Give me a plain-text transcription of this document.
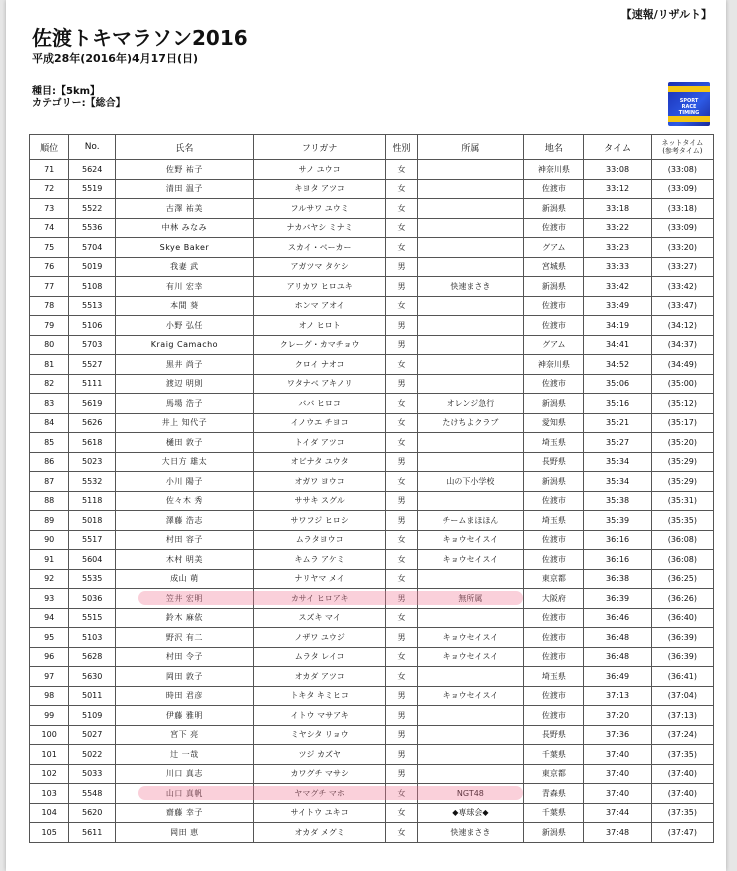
【速報/リザルト】
佐渡トキマラソン2016
平成28年(2016年)4月17日(日)
種目:【5km】
カテゴリー:【総合】	SPORT RACE TIMING
順位	No.	氏名	フリガナ	性別	所属	地名	タイム	ネットタイム
(参考タイム)
71	5624	佐野 祐子	サノ ユウコ	女		神奈川県	33:08	(33:08)
72	5519	清田 温子	キヨタ アツコ	女		佐渡市	33:12	(33:09)
73	5522	古澤 祐美	フルサワ ユウミ	女		新潟県	33:18	(33:18)
74	5536	中林 みなみ	ナカバヤシ ミナミ	女		佐渡市	33:22	(33:09)
75	5704	Skye Baker	スカイ・ベーカー	女		グアム	33:23	(33:20)
76	5019	我妻 武	アガツマ タケシ	男		宮城県	33:33	(33:27)
77	5108	有川 宏幸	アリカワ ヒロユキ	男	快速まさき	新潟県	33:42	(33:42)
78	5513	本間 葵	ホンマ アオイ	女		佐渡市	33:49	(33:47)
79	5106	小野 弘任	オノ ヒロト	男		佐渡市	34:19	(34:12)
80	5703	Kraig Camacho	クレーグ・カマチョウ	男		グアム	34:41	(34:37)
81	5527	黒井 尚子	クロイ ナオコ	女		神奈川県	34:52	(34:49)
82	5111	渡辺 明則	ワタナベ アキノリ	男		佐渡市	35:06	(35:00)
83	5619	馬場 浩子	ババ ヒロコ	女	オレンジ急行	新潟県	35:16	(35:12)
84	5626	井上 知代子	イノウエ チヨコ	女	たけちよクラブ	愛知県	35:21	(35:17)
85	5618	樋田 敦子	トイダ アツコ	女		埼玉県	35:27	(35:20)
86	5023	大日方 雄太	オビナタ ユウタ	男		長野県	35:34	(35:29)
87	5532	小川 陽子	オガワ ヨウコ	女	山の下小学校	新潟県	35:34	(35:29)
88	5118	佐々木 秀	ササキ スグル	男		佐渡市	35:38	(35:31)
89	5018	澤藤 浩志	サワフジ ヒロシ	男	チームまほほん	埼玉県	35:39	(35:35)
90	5517	村田 容子	ムラタヨウコ	女	キョウセイスイ	佐渡市	36:16	(36:08)
91	5604	木村 明美	キムラ アケミ	女	キョウセイスイ	佐渡市	36:16	(36:08)
92	5535	成山 萌	ナリヤマ メイ	女		東京都	36:38	(36:25)
93	5036	笠井 宏明	カサイ ヒロアキ	男	無所属	大阪府	36:39	(36:26)
94	5515	鈴木 麻依	スズキ マイ	女		佐渡市	36:46	(36:40)
95	5103	野沢 有二	ノザワ ユウジ	男	キョウセイスイ	佐渡市	36:48	(36:39)
96	5628	村田 令子	ムラタ レイコ	女	キョウセイスイ	佐渡市	36:48	(36:39)
97	5630	岡田 敦子	オカダ アツコ	女		埼玉県	36:49	(36:41)
98	5011	時田 君彦	トキタ キミヒコ	男	キョウセイスイ	佐渡市	37:13	(37:04)
99	5109	伊藤 雅明	イトウ マサアキ	男		佐渡市	37:20	(37:13)
100	5027	宮下 亮	ミヤシタ リョウ	男		長野県	37:36	(37:24)
101	5022	辻 一哉	ツジ カズヤ	男		千葉県	37:40	(37:35)
102	5033	川口 真志	カワグチ マサシ	男		東京都	37:40	(37:40)
103	5548	山口 真帆	ヤマグチ マホ	女	NGT48	青森県	37:40	(37:40)
104	5620	齋藤 幸子	サイトウ ユキコ	女	◆専球会◆	千葉県	37:44	(37:35)
105	5611	岡田 恵	オカダ メグミ	女	快速まさき	新潟県	37:48	(37:47)
